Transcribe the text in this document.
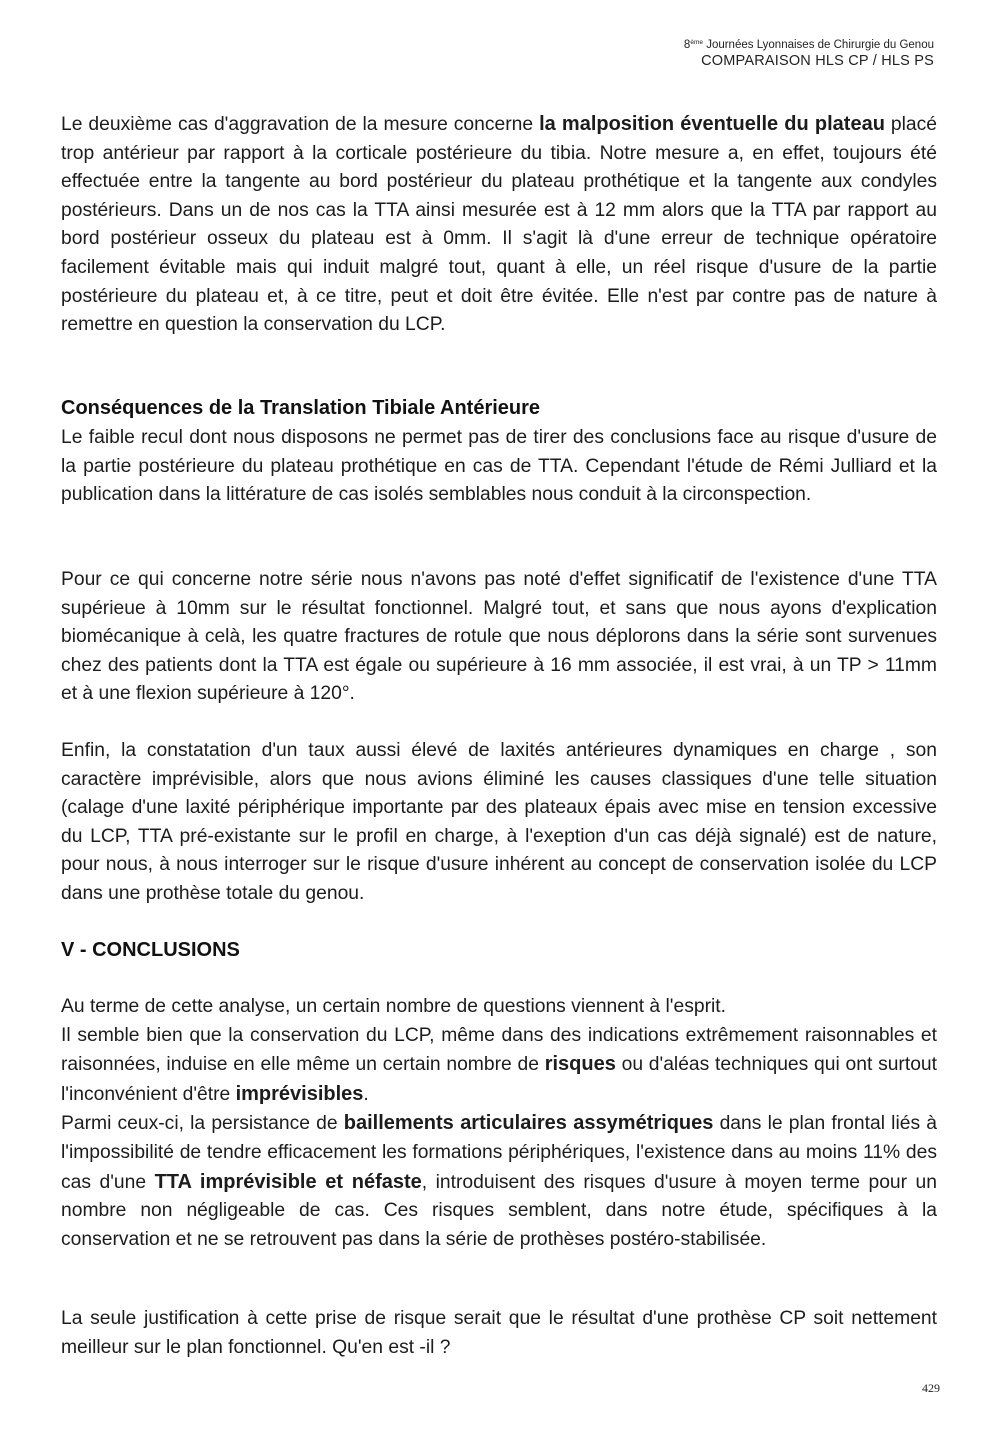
8ème Journées Lyonnaises de Chirurgie du Genou
COMPARAISON HLS CP / HLS PS

Le deuxième cas d'aggravation de la mesure concerne la malposition éventuelle du plateau placé trop antérieur par rapport à la corticale postérieure du tibia. Notre mesure a, en effet, toujours été effectuée entre la tangente au bord postérieur du plateau prothétique et la tangente aux condyles postérieurs. Dans un de nos cas la TTA ainsi mesurée est à 12 mm alors que la TTA par rapport au bord postérieur osseux du plateau est à 0mm. Il s'agit là d'une erreur de technique opératoire facilement évitable mais qui induit malgré tout, quant à elle, un réel risque d'usure de la partie postérieure du plateau et, à ce titre, peut et doit être évitée. Elle n'est par contre pas de nature à remettre en question la conservation du LCP.

Conséquences de la Translation Tibiale Antérieure

Le faible recul dont nous disposons ne permet pas de tirer des conclusions face au risque d'usure de la partie postérieure du plateau prothétique en cas de TTA. Cependant l'étude de Rémi Julliard et la publication dans la littérature de cas isolés semblables nous conduit à la circonspection.

Pour ce qui concerne notre série nous n'avons pas noté d'effet significatif de l'existence d'une TTA supérieue à 10mm sur le résultat fonctionnel. Malgré tout, et sans que nous ayons d'explication biomécanique à celà, les quatre fractures de rotule que nous déplorons dans la série sont survenues chez des patients dont la TTA est égale ou supérieure à 16 mm associée, il est vrai, à un TP > 11mm et à une flexion supérieure à 120°.

Enfin, la constatation d'un taux aussi élevé de laxités antérieures dynamiques en charge , son caractère imprévisible, alors que nous avions éliminé les causes classiques d'une telle situation (calage d'une laxité périphérique importante par des plateaux épais avec mise en tension excessive du LCP, TTA pré-existante sur le profil en charge, à l'exeption d'un cas déjà signalé) est de nature, pour nous, à nous interroger sur le risque d'usure inhérent au concept de conservation isolée du LCP dans une prothèse totale du genou.

V - CONCLUSIONS

Au terme de cette analyse, un certain nombre de questions viennent à l'esprit.

Il semble bien que la conservation du LCP, même dans des indications extrêmement raisonnables et raisonnées, induise en elle même un certain nombre de risques ou d'aléas techniques qui ont surtout l'inconvénient d'être imprévisibles.

Parmi ceux-ci, la persistance de baillements articulaires assymétriques dans le plan frontal liés à l'impossibilité de tendre efficacement les formations périphériques, l'existence dans au moins 11% des cas d'une TTA imprévisible et néfaste, introduisent des risques d'usure à moyen terme pour un nombre non négligeable de cas. Ces risques semblent, dans notre étude, spécifiques à la conservation et ne se retrouvent pas dans la série de prothèses postéro-stabilisée.

La seule justification à cette prise de risque serait que le résultat d'une prothèse CP soit nettement meilleur sur le plan fonctionnel. Qu'en est -il ?

429
